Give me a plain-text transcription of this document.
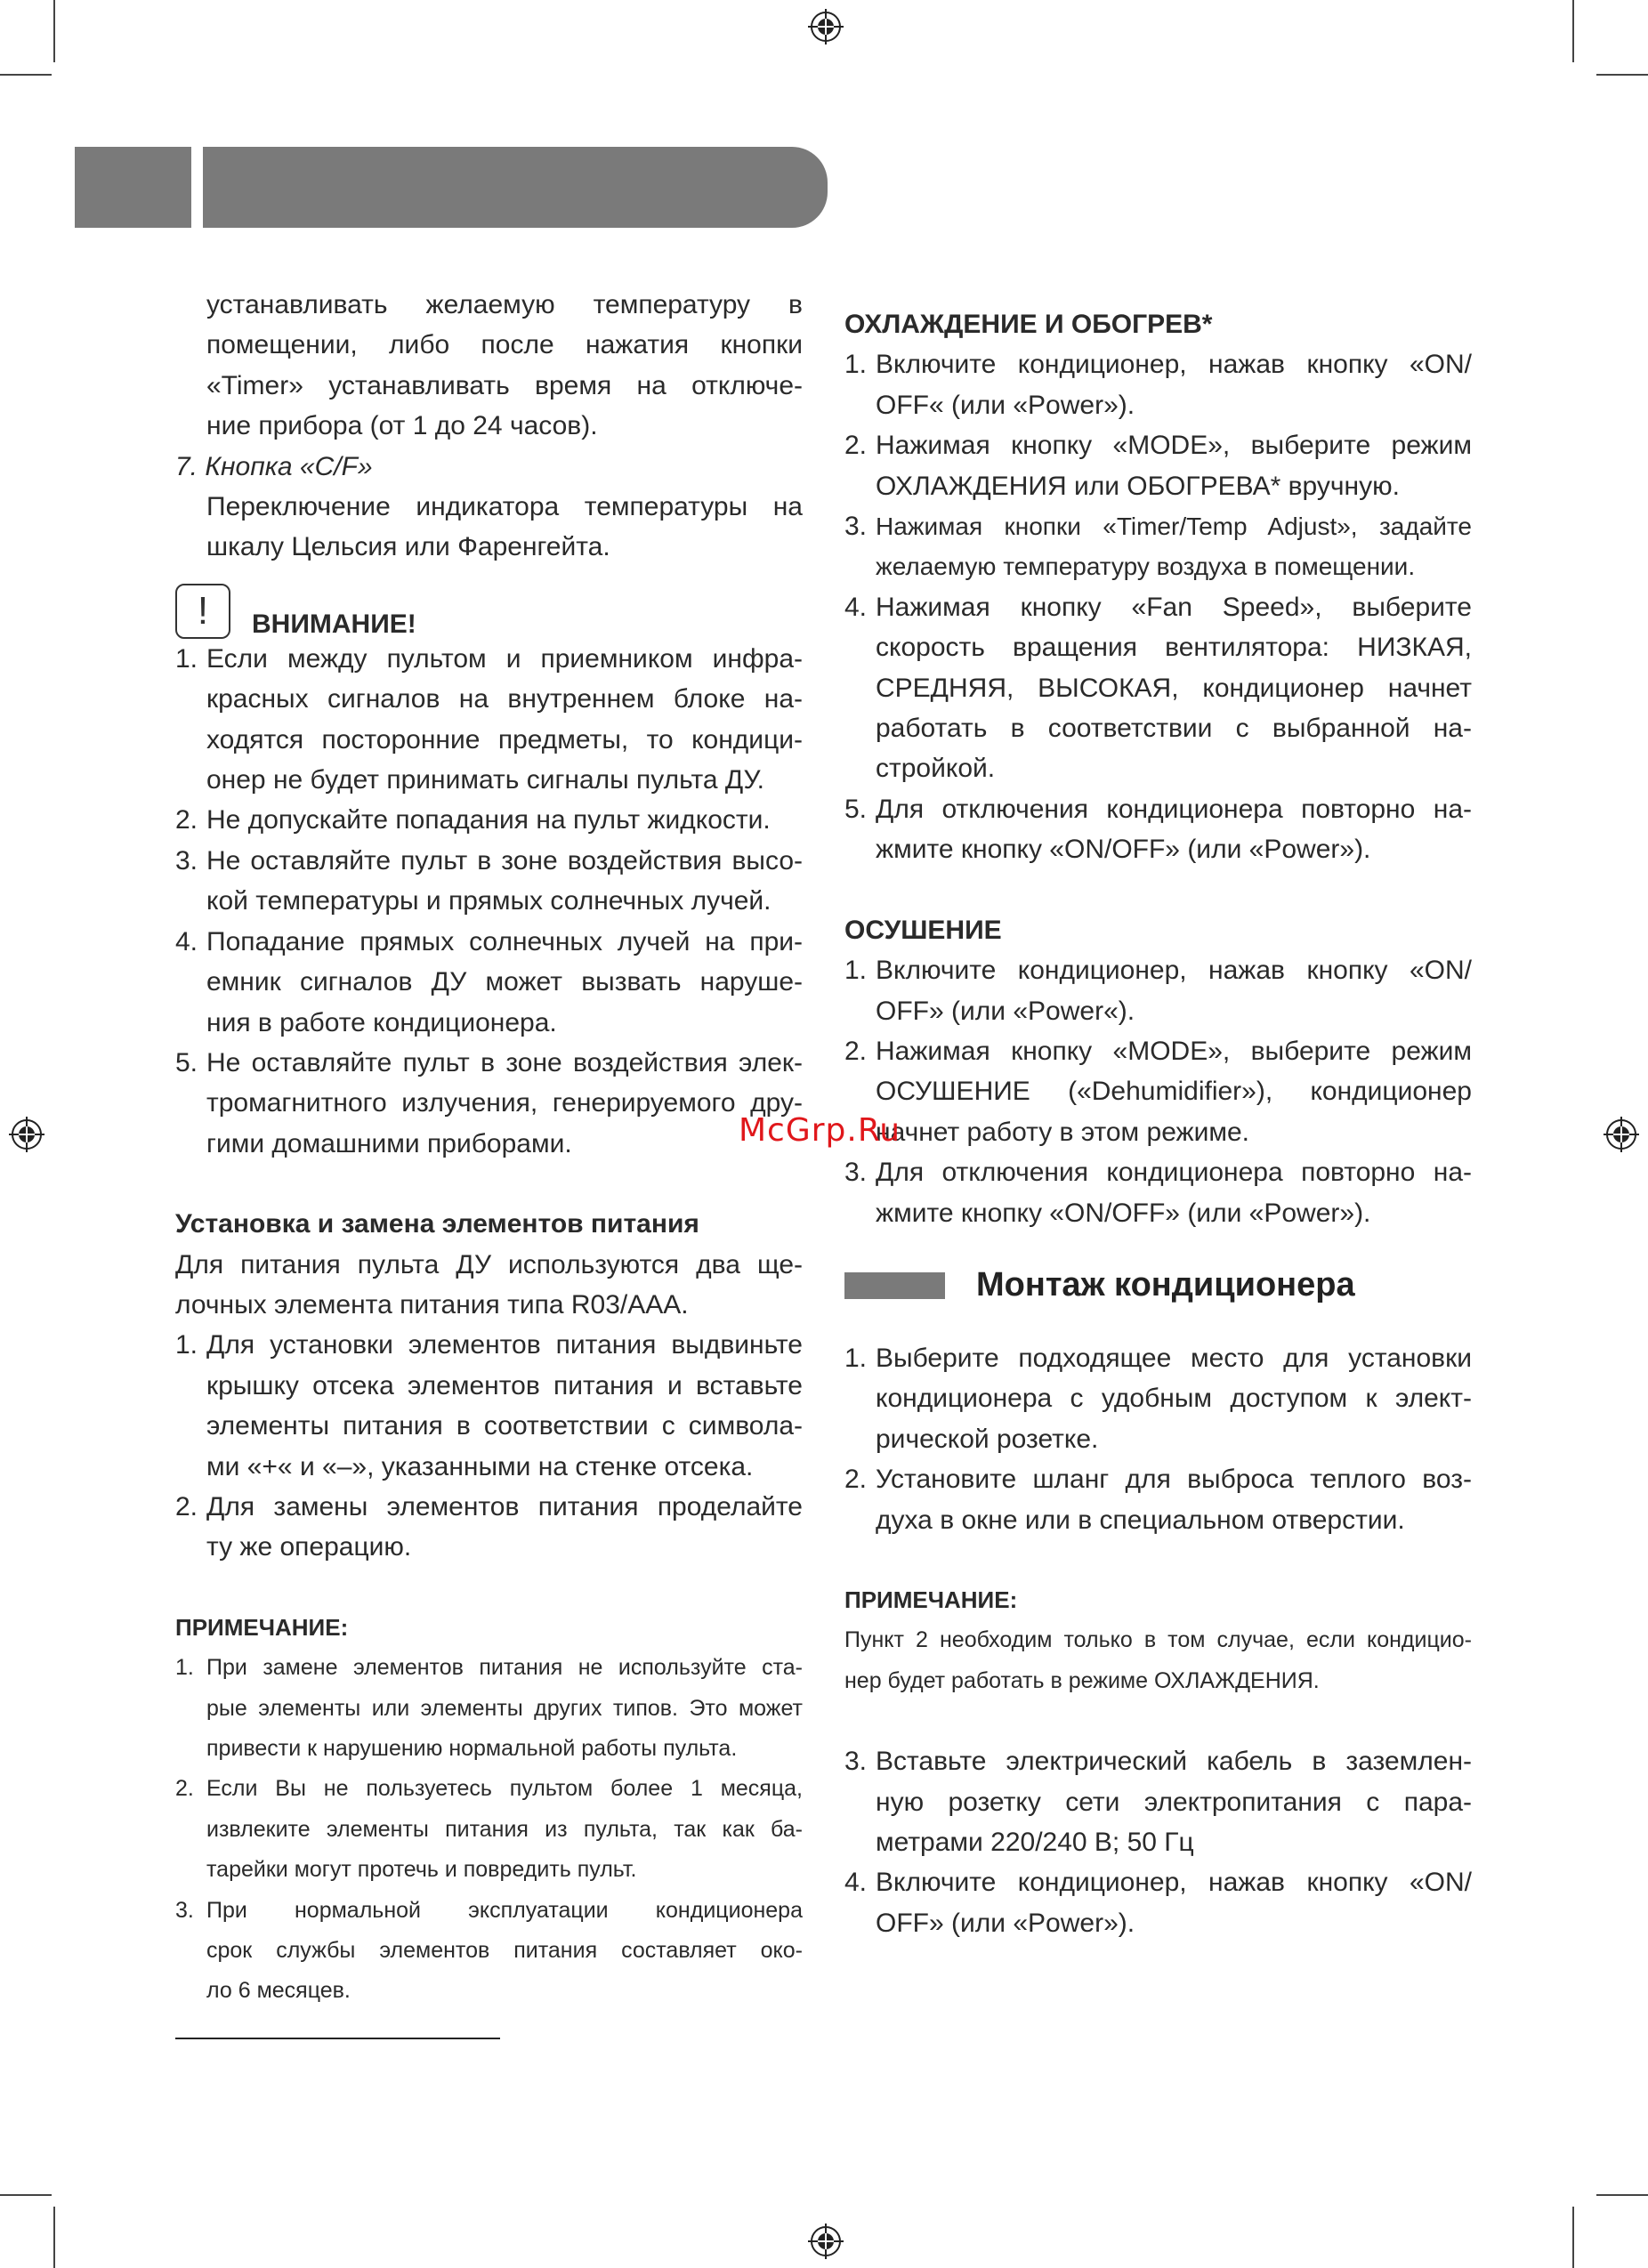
устанавливать желаемую температуру в

помещении, либо после нажатия кнопки

«Timer» устанавливать время на отключе-

ние прибора (от 1 до 24 часов).

7. Кнопка «C/F»

Переключение индикатора температуры на

шкалу Цельсия или Фаренгейта.

!	ВНИМАНИЕ!
1. Если между пультом и приемником инфра-

красных сигналов на внутреннем блоке на-

ходятся посторонние предметы, то кондици-

онер не будет принимать сигналы пульта ДУ.

2. Не допускайте попадания на пульт жидкости.

3. Не оставляйте пульт в зоне воздействия высо-

кой температуры и прямых солнечных лучей.

4. Попадание прямых солнечных лучей на при-

емник сигналов ДУ может вызвать наруше-

ния в работе кондиционера.

5. Не оставляйте пульт в зоне воздействия элек-

тромагнитного излучения, генерируемого дру-

гими домашними приборами.

Установка и замена элементов питания

Для питания пульта ДУ используются два ще-

лочных элемента питания типа R03/AAA.

1. Для установки элементов питания выдвиньте

крышку отсека элементов питания и вставьте

элементы питания в соответствии с символа-

ми «+« и «–», указанными на стенке отсека.

2. Для замены элементов питания проделайте

ту же операцию.

ПРИМЕЧАНИЕ:

1. При замене элементов питания не используйте ста-

рые элементы или элементы других типов. Это может

привести к нарушению нормальной работы пульта.

2. Если Вы не пользуетесь пультом более 1 месяца,

извлеките элементы питания из пульта, так как ба-

тарейки могут протечь и повредить пульт.

3. При нормальной эксплуатации кондиционера

срок службы элементов питания составляет око-

ло 6 месяцев.

ОХЛАЖДЕНИЕ И ОБОГРЕВ*

1. Включите кондиционер, нажав кнопку «ON/

OFF« (или «Power»).

2. Нажимая кнопку «MODE», выберите режим

ОХЛАЖДЕНИЯ или ОБОГРЕВА* вручную.

3. Нажимая кнопки «Timer/Temp Adjust», задайте

желаемую температуру воздуха в помещении.

4. Нажимая кнопку «Fan Speed», выберите

скорость вращения вентилятора: НИЗКАЯ,

СРЕДНЯЯ, ВЫСОКАЯ, кондиционер начнет

работать в соответствии с выбранной на-

стройкой.

5. Для отключения кондиционера повторно на-

жмите кнопку «ON/OFF» (или «Power»).

ОСУШЕНИЕ

1. Включите кондиционер, нажав кнопку «ON/

OFF» (или «Power«).

2. Нажимая кнопку «MODE», выберите режим

ОСУШЕНИЕ («Dehumidifier»), кондиционер

начнет работу в этом режиме.

3. Для отключения кондиционера повторно на-

жмите кнопку «ON/OFF» (или «Power»).

Монтаж кондиционера
1. Выберите подходящее место для установки

кондиционера с удобным доступом к элект-

рической розетке.

2. Установите шланг для выброса теплого воз-

духа в окне или в специальном отверстии.

ПРИМЕЧАНИЕ:

Пункт 2 необходим только в том случае, если кондицио-

нер будет работать в режиме ОХЛАЖДЕНИЯ.

3. Вставьте электрический кабель в заземлен-

ную розетку сети электропитания с пара-

метрами 220/240 В; 50 Гц

4. Включите кондиционер, нажав кнопку «ON/

OFF» (или «Power»).

McGrp.Ru
